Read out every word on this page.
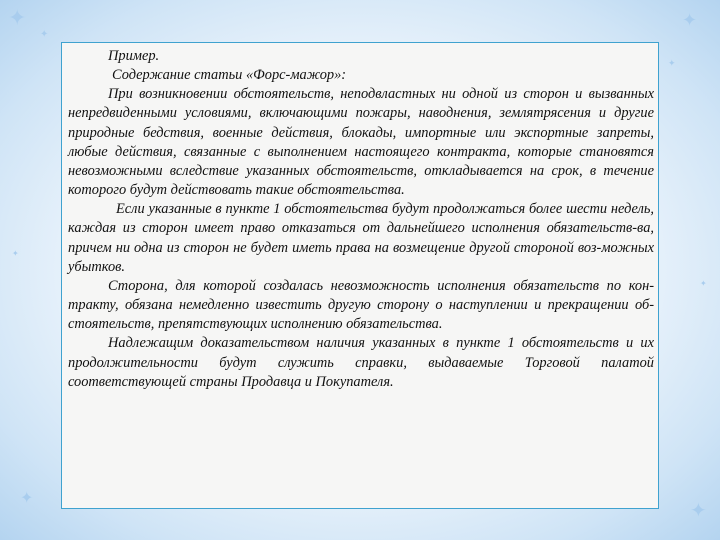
✦
✦
✦
✦
✦
✦
✦
✦

Пример.

Содержание статьи «Форс-мажор»:

При возникновении обстоятельств, неподвластных ни одной из сторон и вызванных непредвиденными условиями, включающими пожары, наводнения, землятрясения и другие природные бедствия, военные действия, блокады, импортные или экспортные запреты, любые действия, связанные с выполнением настоящего контракта, которые становятся невозможными вследствие указанных обстоятельств, откладывается на срок, в течение которого будут действовать такие обстоятельства.

Если указанные в пункте 1 обстоятельства будут продолжаться более шести недель, каждая из сторон имеет право отказаться от дальнейшего исполнения обязательств-ва, причем ни одна из сторон не будет иметь права на возмещение другой стороной воз-можных убытков.

Сторона, для которой создалась невозможность исполнения обязательств по кон-тракту, обязана немедленно известить другую сторону о наступлении и прекращении об-стоятельств, препятствующих исполнению обязательства.

Надлежащим доказательством наличия указанных в пункте 1 обстоятельств и их продолжительности будут служить справки, выдаваемые Торговой палатой соответствующей страны Продавца и Покупателя.
